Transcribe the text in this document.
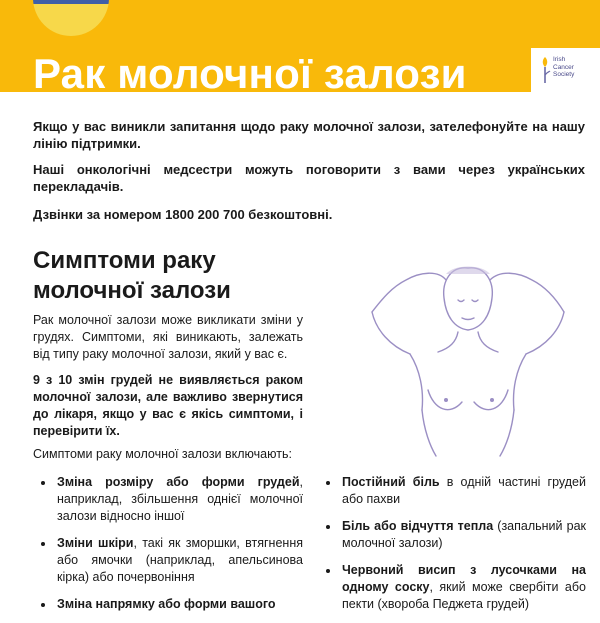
Рак молочної залози	Irish
Cancer
Society

Якщо у вас виникли запитання щодо раку молочної залози, зателефонуйте на нашу лінію підтримки.

Наші онкологічні медсестри можуть поговорити з вами через українських перекладачів.

Дзвінки за номером 1800 200 700 безкоштовні.

Симптоми раку молочної залози

Рак молочної залози може викликати зміни у грудях. Симптоми, які виникають, залежать від типу раку молочної залози, який у вас є.

9 з 10 змін грудей не виявляється раком молочної залози, але важливо звернутися до лікаря, якщо у вас є якісь симптоми, і перевірити їх.

Симптоми раку молочної залози включають:

Зміна розміру або форми грудей, наприклад, збільшення однієї молочної залози відносно іншої
Зміни шкіри, такі як зморшки, втягнення або ямочки (наприклад, апельсинова кірка) або почервоніння
Зміна напрямку або форми вашого
Постійний біль в одній частині грудей або пахви
Біль або відчуття тепла (запальний рак молочної залози)
Червоний висип з лусочками на одному соску, який може свербіти або пекти (хвороба Педжета грудей)
